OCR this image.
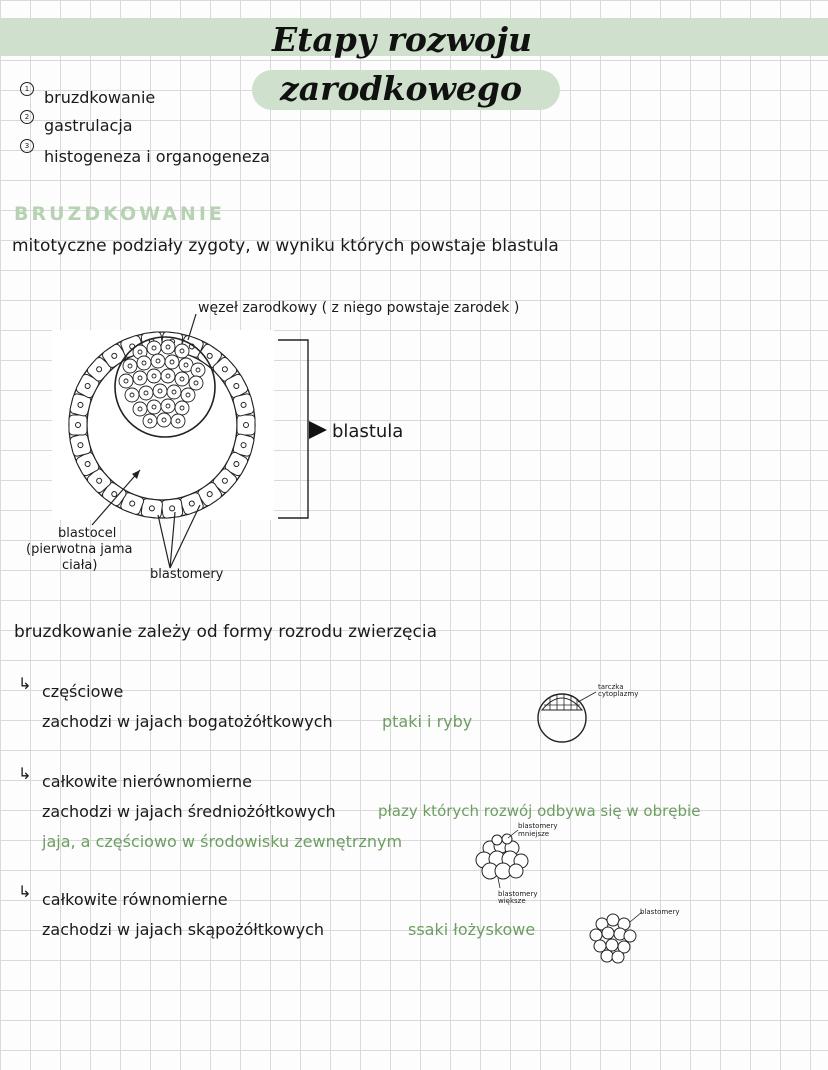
Etapy rozwoju
zarodkowego
1 bruzdkowanie
2 gastrulacja
3
histogeneza i organogeneza
BRUZDKOWANIE
mitotyczne podziały zygoty, w wyniku których powstaje blastula
węzeł zarodkowy ( z niego powstaje zarodek )
blastula
blastocel
(pierwotna jama
ciała)
blastomery
bruzdkowanie zależy od formy rozrodu zwierzęcia
↳ częściowe
zachodzi w jajach bogatożółtkowych	ptaki i ryby
tarczka
cytoplazmy
↳ całkowite nierównomierne
zachodzi w jajach średniożółtkowych	płazy których rozwój odbywa się w obrębie
jaja, a częściowo w środowisku zewnętrznym
blastomery
mniejsze
blastomery
większe
↳ całkowite równomierne
zachodzi w jajach skąpożółtkowych	ssaki łożyskowe
blastomery
